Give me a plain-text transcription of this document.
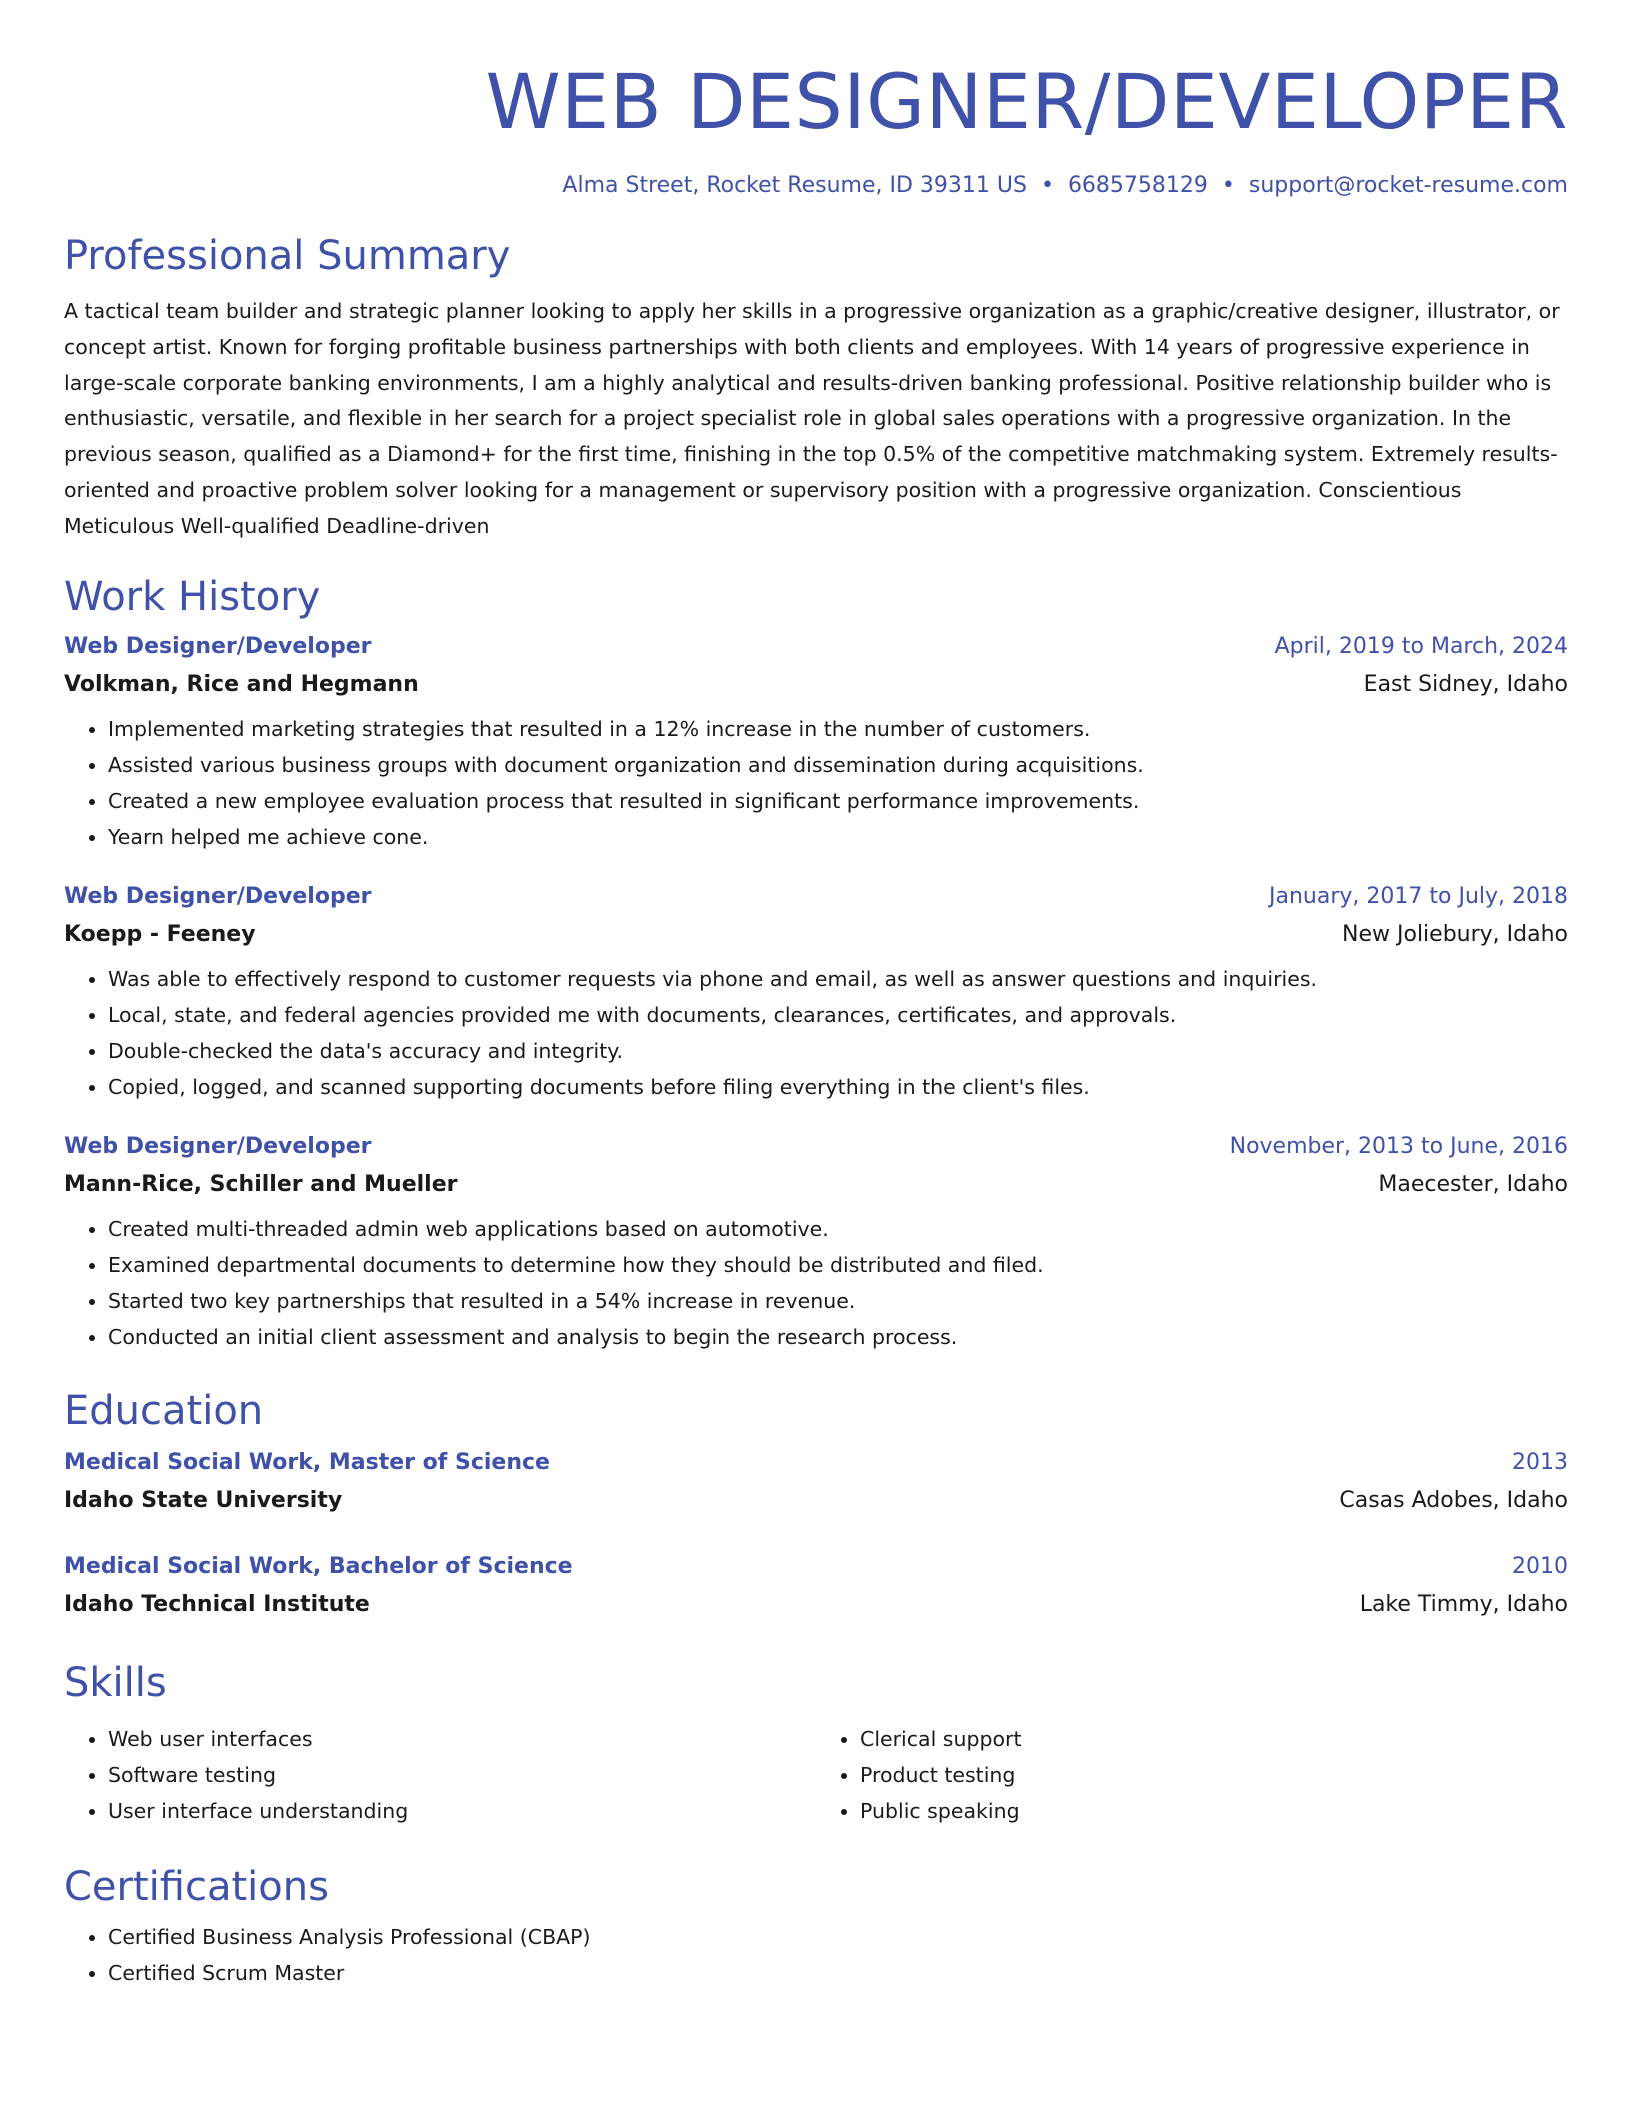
WEB DESIGNER/DEVELOPER
Alma Street, Rocket Resume, ID 39311 US • 6685758129 • support@rocket-resume.com
Professional Summary

A tactical team builder and strategic planner looking to apply her skills in a progressive organization as a graphic/creative designer, illustrator, or concept artist. Known for forging profitable business partnerships with both clients and employees. With 14 years of progressive experience in large-scale corporate banking environments, I am a highly analytical and results-driven banking professional. Positive relationship builder who is enthusiastic, versatile, and flexible in her search for a project specialist role in global sales operations with a progressive organization. In the previous season, qualified as a Diamond+ for the first time, finishing in the top 0.5% of the competitive matchmaking system. Extremely results-oriented and proactive problem solver looking for a management or supervisory position with a progressive organization. Conscientious Meticulous Well-qualified Deadline-driven

Work History
Web Designer/Developer	April, 2019 to March, 2024
Volkman, Rice and Hegmann	East Sidney, Idaho
• Implemented marketing strategies that resulted in a 12% increase in the number of customers.
• Assisted various business groups with document organization and dissemination during acquisitions.
• Created a new employee evaluation process that resulted in significant performance improvements.
• Yearn helped me achieve cone.
Web Designer/Developer	January, 2017 to July, 2018
Koepp - Feeney	New Joliebury, Idaho
• Was able to effectively respond to customer requests via phone and email, as well as answer questions and inquiries.
• Local, state, and federal agencies provided me with documents, clearances, certificates, and approvals.
• Double-checked the data's accuracy and integrity.
• Copied, logged, and scanned supporting documents before filing everything in the client's files.
Web Designer/Developer	November, 2013 to June, 2016
Mann-Rice, Schiller and Mueller	Maecester, Idaho
• Created multi-threaded admin web applications based on automotive.
• Examined departmental documents to determine how they should be distributed and filed.
• Started two key partnerships that resulted in a 54% increase in revenue.
• Conducted an initial client assessment and analysis to begin the research process.
Education
Medical Social Work, Master of Science	2013
Idaho State University	Casas Adobes, Idaho
Medical Social Work, Bachelor of Science	2010
Idaho Technical Institute	Lake Timmy, Idaho
Skills
• Web user interfaces
• Software testing
• User interface understanding
• Clerical support
• Product testing
• Public speaking
Certifications
• Certified Business Analysis Professional (CBAP)
• Certified Scrum Master
